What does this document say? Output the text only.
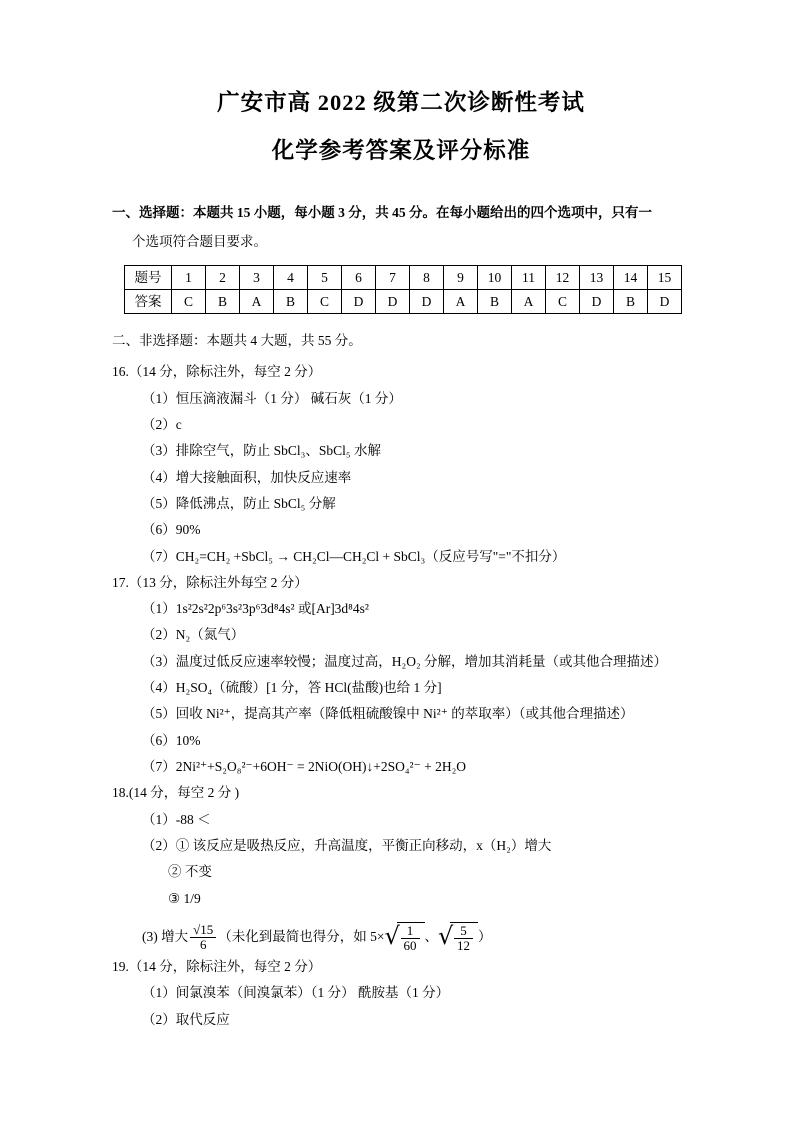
广安市高 2022 级第二次诊断性考试
化学参考答案及评分标准

一、选择题：本题共 15 小题，每小题 3 分，共 45 分。在每小题给出的四个选项中，只有一

个选项符合题目要求。

题号	1	2	3	4	5	6	7	8	9	10	11	12	13	14	15
答案	C	B	A	B	C	D	D	D	A	B	A	C	D	B	D

二、非选择题：本题共 4 大题，共 55 分。

16.（14 分，除标注外，每空 2 分）

（1）恒压滴液漏斗（1 分） 碱石灰（1 分）

（2）c

（3）排除空气，防止 SbCl₃、SbCl₅ 水解

（4）增大接触面积，加快反应速率

（5）降低沸点，防止 SbCl₅ 分解

（6）90%

（7）CH₂=CH₂ +SbCl₅ → CH₂Cl—CH₂Cl + SbCl₃（反应号写"="不扣分）

17.（13 分，除标注外每空 2 分）

（1）1s²2s²2p⁶3s²3p⁶3d⁸4s² 或[Ar]3d⁸4s²

（2）N₂（氮气）

（3）温度过低反应速率较慢；温度过高，H₂O₂ 分解，增加其消耗量（或其他合理描述）

（4）H₂SO₄（硫酸）[1 分，答 HCl(盐酸)也给 1 分]

（5）回收 Ni²⁺，提高其产率（降低粗硫酸镍中 Ni²⁺ 的萃取率）（或其他合理描述）

（6）10%

（7）2Ni²⁺+S₂O₈²⁻+6OH⁻ = 2NiO(OH)↓+2SO₄²⁻ + 2H₂O

18.(14 分，每空 2 分 )

（1）-88 ＜

（2）① 该反应是吸热反应，升高温度，平衡正向移动，x（H₂）增大

② 不变

③ 1/9

(3) 增大 $\frac{√15}{6}$ （未化到最简也得分，如 5× √ $\frac{1}{60}$ 、 √ $\frac{5}{12}$ ）

19.（14 分，除标注外，每空 2 分）

（1）间氯溴苯（间溴氯苯）（1 分） 酰胺基（1 分）

（2）取代反应
